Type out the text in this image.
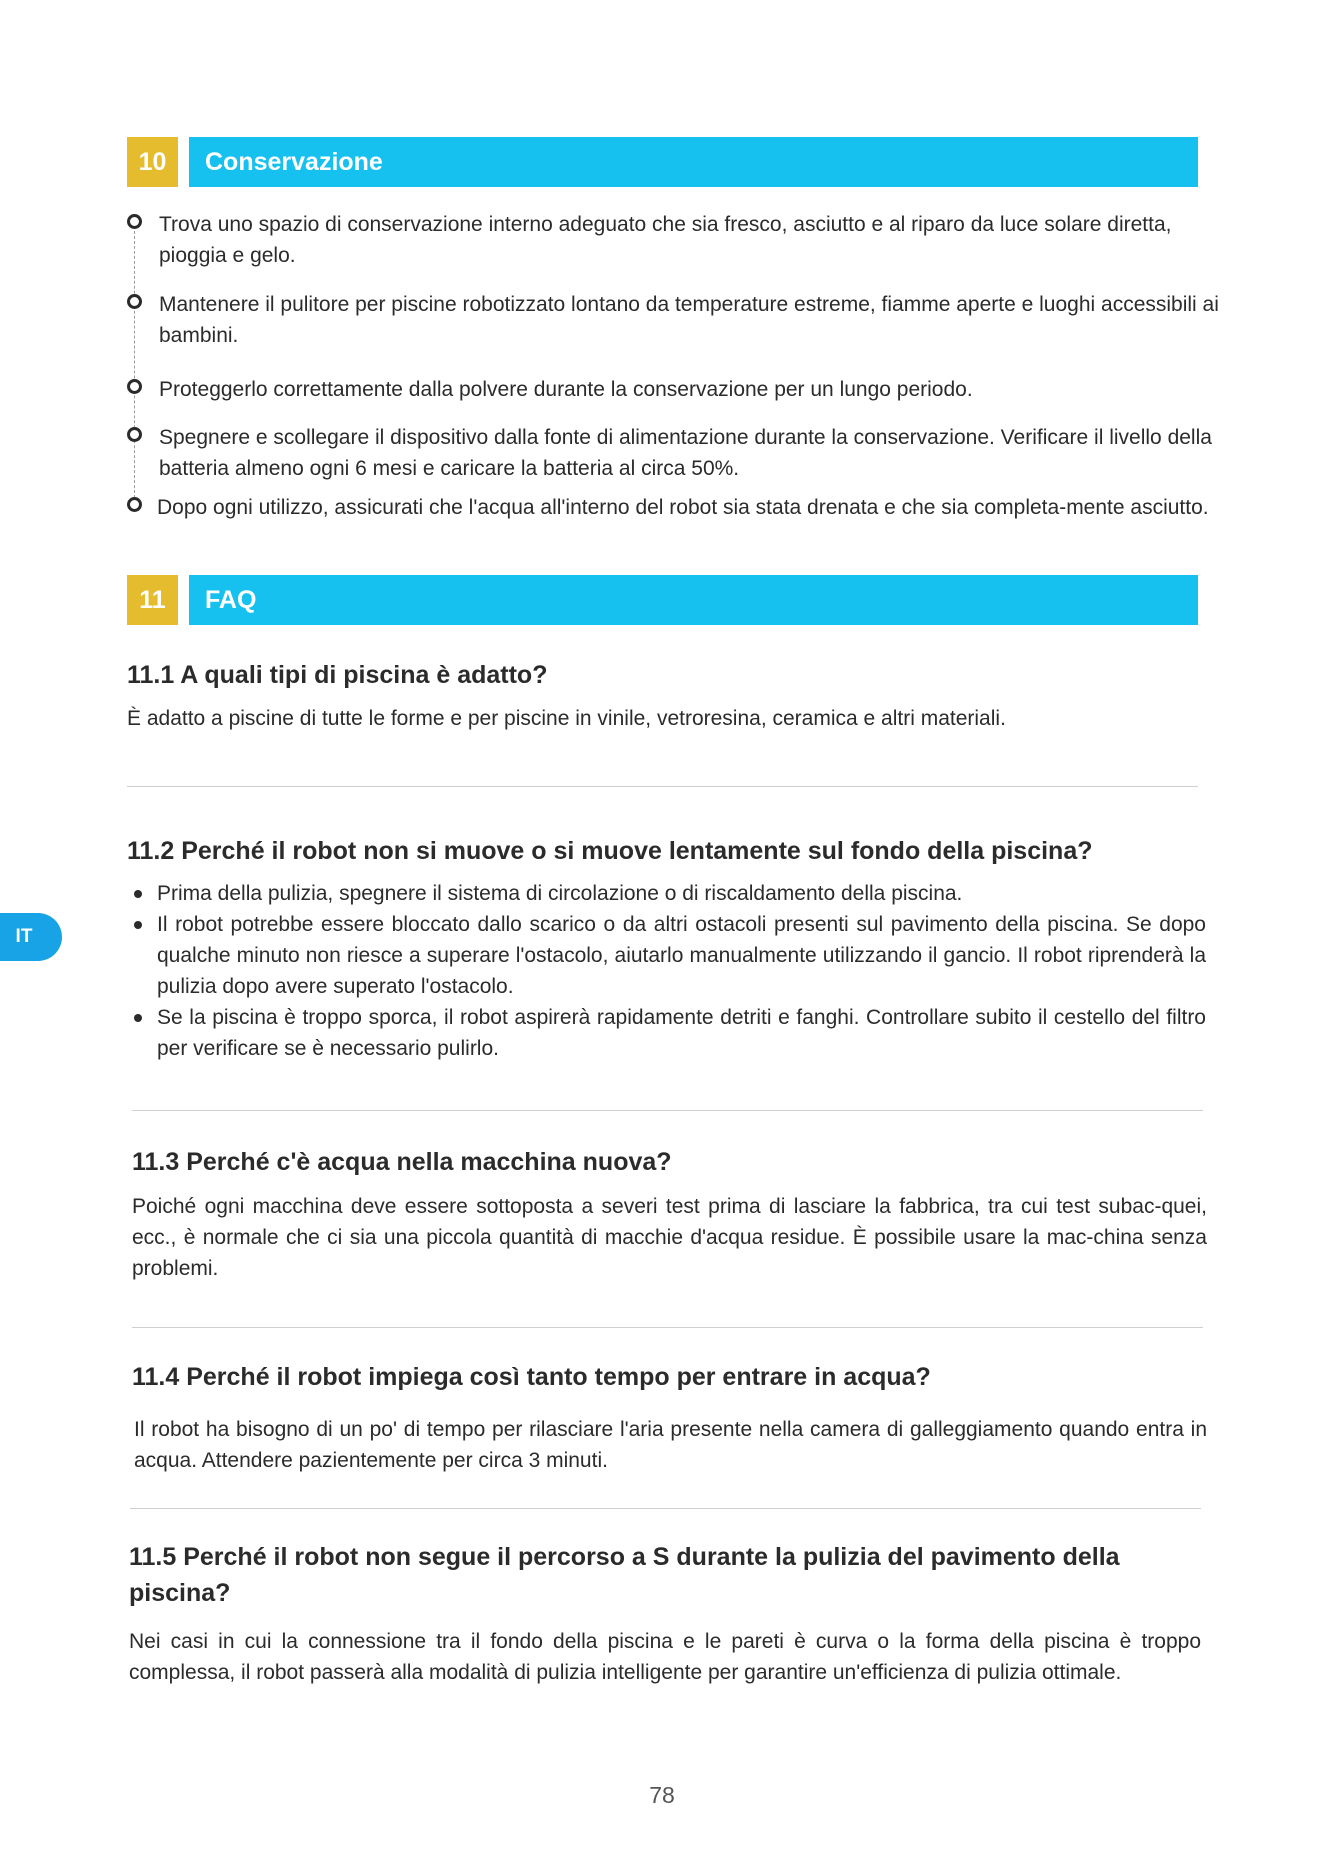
10	Conservazione
Trova uno spazio di conservazione interno adeguato che sia fresco, asciutto e al riparo da luce solare diretta, pioggia e gelo.
Mantenere il pulitore per piscine robotizzato lontano da temperature estreme, fiamme aperte e luoghi accessibili ai bambini.
Proteggerlo correttamente dalla polvere durante la conservazione per un lungo periodo.
Spegnere e scollegare il dispositivo dalla fonte di alimentazione durante la conservazione. Verificare il livello della batteria almeno ogni 6 mesi e caricare la batteria al circa 50%.
Dopo ogni utilizzo, assicurati che l'acqua all'interno del robot sia stata drenata e che sia completa-mente asciutto.
11	FAQ
11.1 A quali tipi di piscina è adatto?

È adatto a piscine di tutte le forme e per piscine in vinile, vetroresina, ceramica e altri materiali.

11.2 Perché il robot non si muove o si muove lentamente sul fondo della piscina?
Prima della pulizia, spegnere il sistema di circolazione o di riscaldamento della piscina.
Il robot potrebbe essere bloccato dallo scarico o da altri ostacoli presenti sul pavimento della piscina. Se dopo qualche minuto non riesce a superare l'ostacolo, aiutarlo manualmente utilizzando il gancio. Il robot riprenderà la pulizia dopo avere superato l'ostacolo.
Se la piscina è troppo sporca, il robot aspirerà rapidamente detriti e fanghi. Controllare subito il cestello del filtro per verificare se è necessario pulirlo.
11.3 Perché c'è acqua nella macchina nuova?

Poiché ogni macchina deve essere sottoposta a severi test prima di lasciare la fabbrica, tra cui test subac-quei, ecc., è normale che ci sia una piccola quantità di macchie d'acqua residue. È possibile usare la mac-china senza problemi.

11.4 Perché il robot impiega così tanto tempo per entrare in acqua?

Il robot ha bisogno di un po' di tempo per rilasciare l'aria presente nella camera di galleggiamento quando entra in acqua. Attendere pazientemente per circa 3 minuti.

11.5 Perché il robot non segue il percorso a S durante la pulizia del pavimento della piscina?

Nei casi in cui la connessione tra il fondo della piscina e le pareti è curva o la forma della piscina è troppo complessa, il robot passerà alla modalità di pulizia intelligente per garantire un'efficienza di pulizia ottimale.

IT
78
